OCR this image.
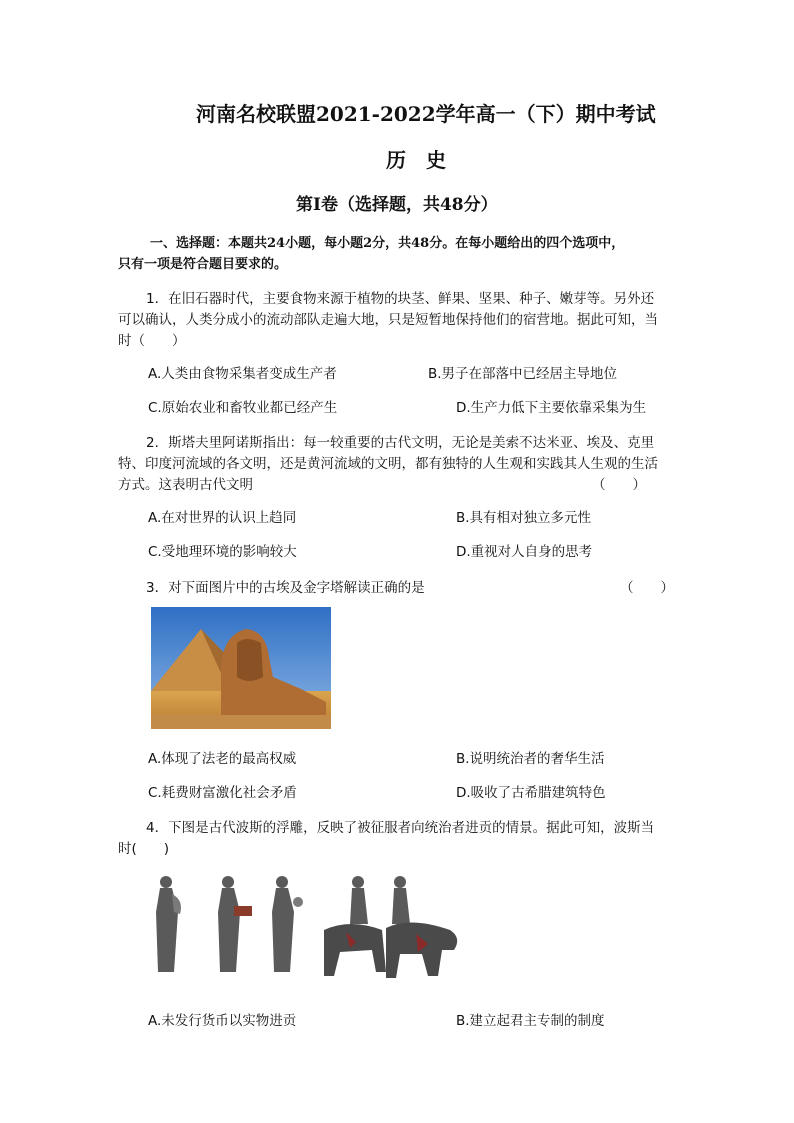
河南名校联盟2021-2022学年高一（下）期中考试
历史
第I卷（选择题，共48分）
一、选择题：本题共24小题，每小题2分，共48分。在每小题给出的四个选项中，
只有一项是符合题目要求的。
1．在旧石器时代，主要食物来源于植物的块茎、鲜果、坚果、种子、嫩芽等。另外还
可以确认，人类分成小的流动部队走遍大地，只是短暂地保持他们的宿营地。据此可知，当
时（　　）
A.人类由食物采集者变成生产者	B.男子在部落中已经居主导地位
C.原始农业和畜牧业都已经产生	D.生产力低下主要依靠采集为生
2．斯塔夫里阿诺斯指出：每一较重要的古代文明，无论是美索不达米亚、埃及、克里
特、印度河流域的各文明，还是黄河流域的文明，都有独特的人生观和实践其人生观的生活
方式。这表明古代文明	（　　）
A.在对世界的认识上趋同	B.具有相对独立多元性
C.受地理环境的影响较大	D.重视对人自身的思考
3．对下面图片中的古埃及金字塔解读正确的是	（　　）
A.体现了法老的最高权威	B.说明统治者的奢华生活
C.耗费财富激化社会矛盾	D.吸收了古希腊建筑特色
4．下图是古代波斯的浮雕，反映了被征服者向统治者进贡的情景。据此可知，波斯当
时(　　)
A.未发行货币以实物进贡	B.建立起君主专制的制度
